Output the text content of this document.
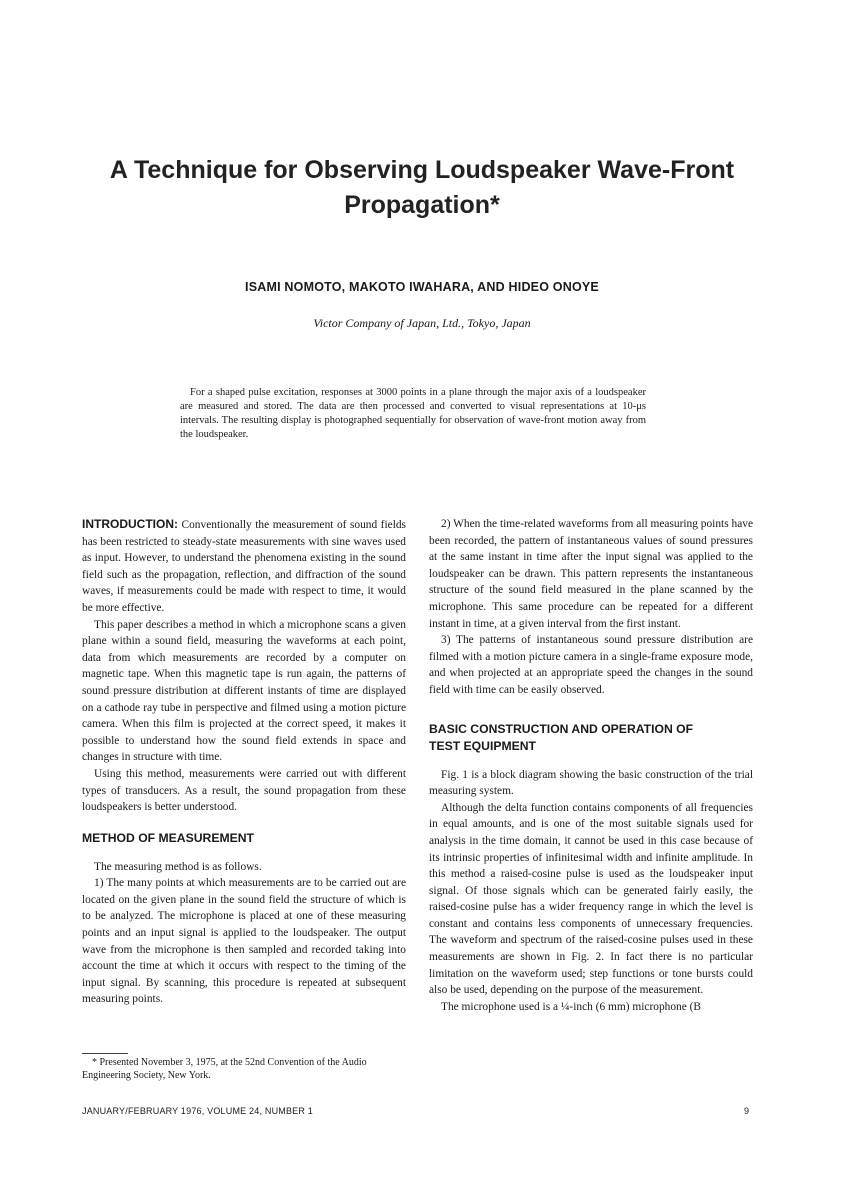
A Technique for Observing Loudspeaker Wave-Front
Propagation*
ISAMI NOMOTO, MAKOTO IWAHARA, AND HIDEO ONOYE
Victor Company of Japan, Ltd., Tokyo, Japan
For a shaped pulse excitation, responses at 3000 points in a plane through the major axis of a loudspeaker are measured and stored. The data are then processed and converted to visual representations at 10-μs intervals. The resulting display is photographed sequentially for observation of wave-front motion away from the loudspeaker.

INTRODUCTION: Conventionally the measurement of sound fields has been restricted to steady-state measurements with sine waves used as input. However, to understand the phenomena existing in the sound field such as the propagation, reflection, and diffraction of the sound waves, if measurements could be made with respect to time, it would be more effective.

This paper describes a method in which a microphone scans a given plane within a sound field, measuring the waveforms at each point, data from which measurements are recorded by a computer on magnetic tape. When this magnetic tape is run again, the patterns of sound pressure distribution at different instants of time are displayed on a cathode ray tube in perspective and filmed using a motion picture camera. When this film is projected at the correct speed, it makes it possible to understand how the sound field extends in space and changes in structure with time.

Using this method, measurements were carried out with different types of transducers. As a result, the sound propagation from these loudspeakers is better understood.

METHOD OF MEASUREMENT

The measuring method is as follows.

1) The many points at which measurements are to be carried out are located on the given plane in the sound field the structure of which is to be analyzed. The microphone is placed at one of these measuring points and an input signal is applied to the loudspeaker. The output wave from the microphone is then sampled and recorded taking into account the time at which it occurs with respect to the timing of the input signal. By scanning, this procedure is repeated at subsequent measuring points.

2) When the time-related waveforms from all measuring points have been recorded, the pattern of instantaneous values of sound pressures at the same instant in time after the input signal was applied to the loudspeaker can be drawn. This pattern represents the instantaneous structure of the sound field measured in the plane scanned by the microphone. This same procedure can be repeated for a different instant in time, at a given interval from the first instant.

3) The patterns of instantaneous sound pressure distribution are filmed with a motion picture camera in a single-frame exposure mode, and when projected at an appropriate speed the changes in the sound field with time can be easily observed.

BASIC CONSTRUCTION AND OPERATION OF
TEST EQUIPMENT

Fig. 1 is a block diagram showing the basic construction of the trial measuring system.

Although the delta function contains components of all frequencies in equal amounts, and is one of the most suitable signals used for analysis in the time domain, it cannot be used in this case because of its intrinsic properties of infinitesimal width and infinite amplitude. In this method a raised-cosine pulse is used as the loudspeaker input signal. Of those signals which can be generated fairly easily, the raised-cosine pulse has a wider frequency range in which the level is constant and contains less components of unnecessary frequencies. The waveform and spectrum of the raised-cosine pulses used in these measurements are shown in Fig. 2. In fact there is no particular limitation on the waveform used; step functions or tone bursts could also be used, depending on the purpose of the measurement.

The microphone used is a ¼-inch (6 mm) microphone (B

* Presented November 3, 1975, at the 52nd Convention of the Audio Engineering Society, New York.

JANUARY/FEBRUARY 1976, VOLUME 24, NUMBER 1	9
